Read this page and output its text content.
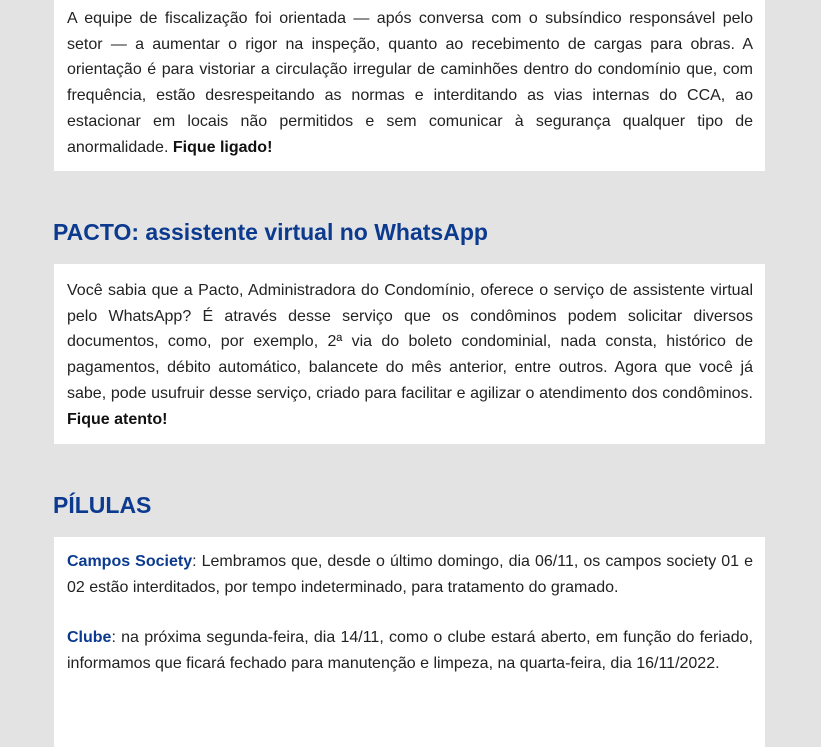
A equipe de fiscalização foi orientada — após conversa com o subsíndico responsável pelo setor — a aumentar o rigor na inspeção, quanto ao recebimento de cargas para obras. A orientação é para vistoriar a circulação irregular de caminhões dentro do condomínio que, com frequência, estão desrespeitando as normas e interditando as vias internas do CCA, ao estacionar em locais não permitidos e sem comunicar à segurança qualquer tipo de anormalidade. Fique ligado!

PACTO: assistente virtual no WhatsApp

Você sabia que a Pacto, Administradora do Condomínio, oferece o serviço de assistente virtual pelo WhatsApp? É através desse serviço que os condôminos podem solicitar diversos documentos, como, por exemplo, 2ª via do boleto condominial, nada consta, histórico de pagamentos, débito automático, balancete do mês anterior, entre outros. Agora que você já sabe, pode usufruir desse serviço, criado para facilitar e agilizar o atendimento dos condôminos. Fique atento!

PÍLULAS

Campos Society: Lembramos que, desde o último domingo, dia 06/11, os campos society 01 e 02 estão interditados, por tempo indeterminado, para tratamento do gramado.

Clube: na próxima segunda-feira, dia 14/11, como o clube estará aberto, em função do feriado, informamos que ficará fechado para manutenção e limpeza, na quarta-feira, dia 16/11/2022.
